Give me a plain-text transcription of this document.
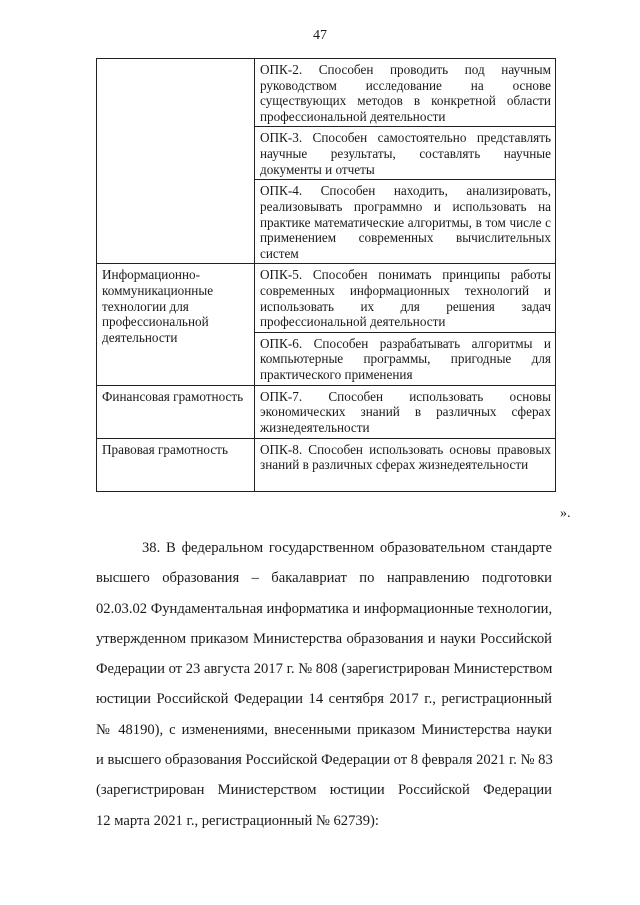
47
	ОПК-2. Способен проводить под научным руководством исследование на основе существующих методов в конкретной области профессиональной деятельности
	ОПК-3. Способен самостоятельно представлять научные результаты, составлять научные документы и отчеты
	ОПК-4. Способен находить, анализировать, реализовывать программно и использовать на практике математические алгоритмы, в том числе с применением современных вычислительных систем
Информационно-коммуникационные технологии для профессиональной деятельности	ОПК-5. Способен понимать принципы работы современных информационных технологий и использовать их для решения задач профессиональной деятельности
	ОПК-6. Способен разрабатывать алгоритмы и компьютерные программы, пригодные для практического применения
Финансовая грамотность	ОПК-7. Способен использовать основы экономических знаний в различных сферах жизнедеятельности
Правовая грамотность	ОПК-8. Способен использовать основы правовых знаний в различных сферах жизнедеятельности
».
38. В федеральном государственном образовательном стандарте
высшего образования – бакалавриат по направлению подготовки
02.03.02 Фундаментальная информатика и информационные технологии,
утвержденном приказом Министерства образования и науки Российской
Федерации от 23 августа 2017 г. № 808 (зарегистрирован Министерством
юстиции Российской Федерации 14 сентября 2017 г., регистрационный
№ 48190), с изменениями, внесенными приказом Министерства науки
и высшего образования Российской Федерации от 8 февраля 2021 г. № 83
(зарегистрирован Министерством юстиции Российской Федерации
12 марта 2021 г., регистрационный № 62739):
